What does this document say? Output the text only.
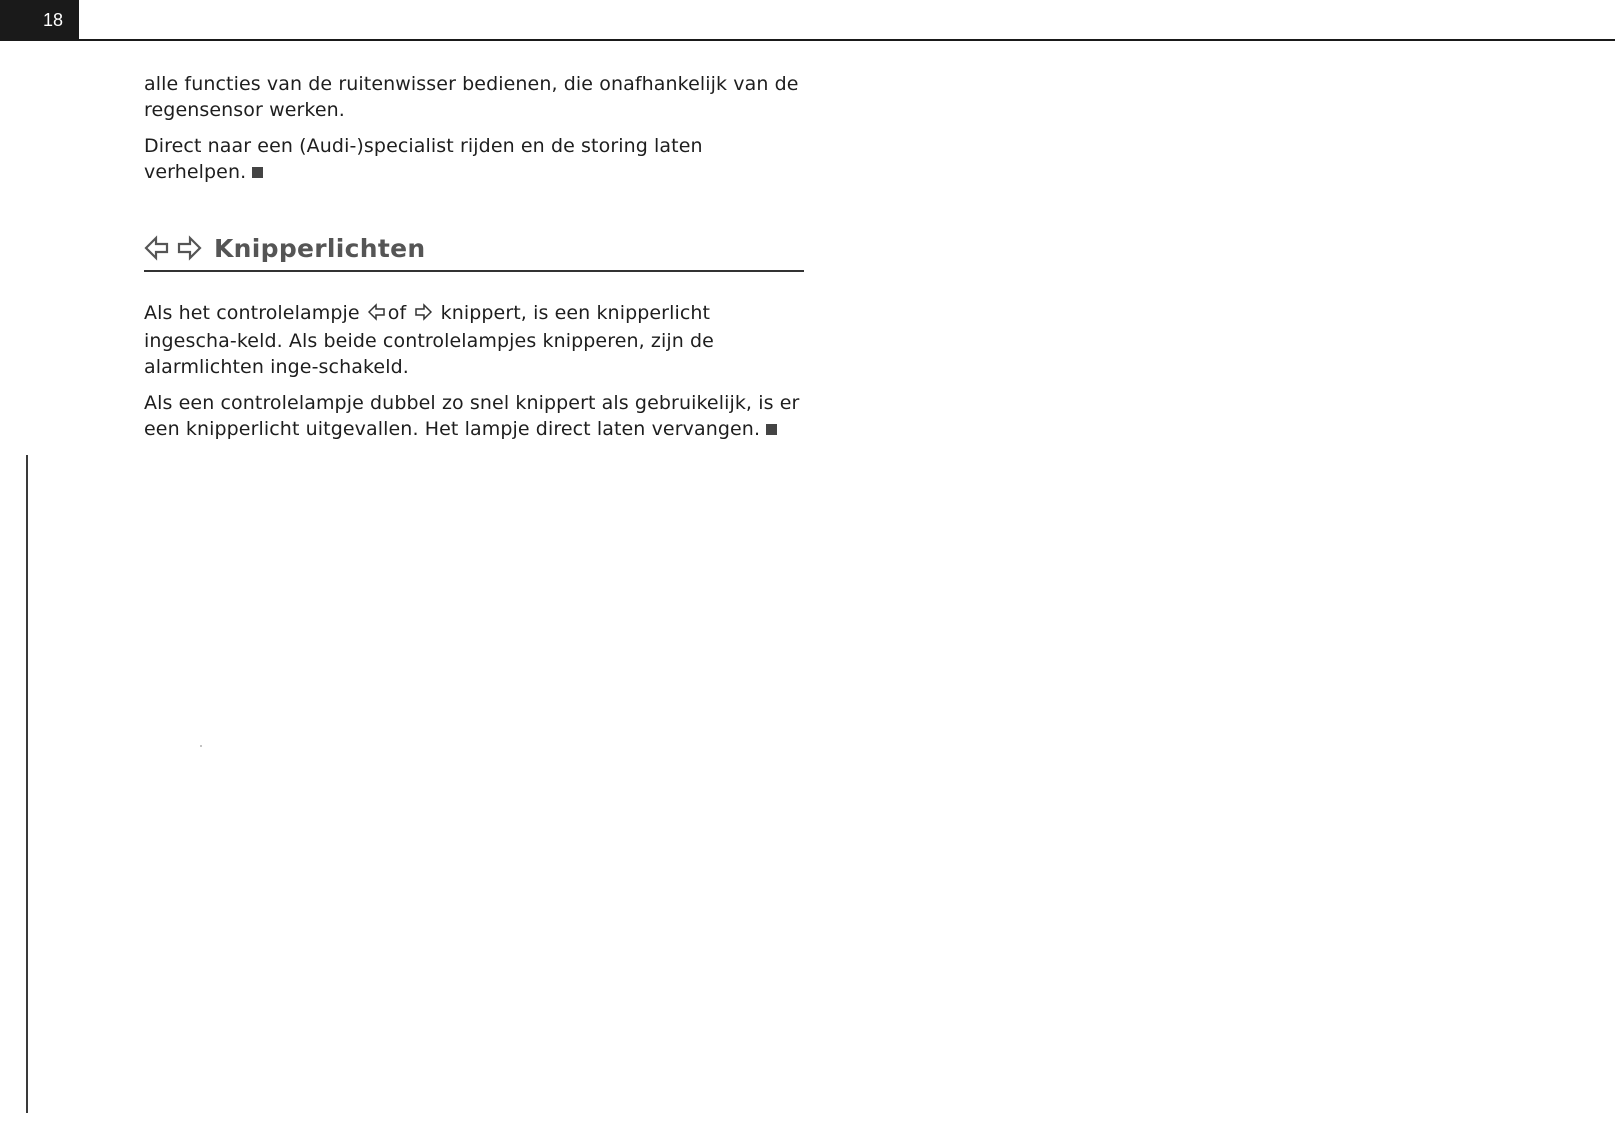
18

alle functies van de ruitenwisser bedienen, die onafhankelijk van de regensensor werken.

Direct naar een (Audi-)specialist rijden en de storing laten verhelpen.

Knipperlichten

Als het controlelampje of knippert, is een knipperlicht ingescha-keld. Als beide controlelampjes knipperen, zijn de alarmlichten inge-schakeld.

Als een controlelampje dubbel zo snel knippert als gebruikelijk, is er een knipperlicht uitgevallen. Het lampje direct laten vervangen.
